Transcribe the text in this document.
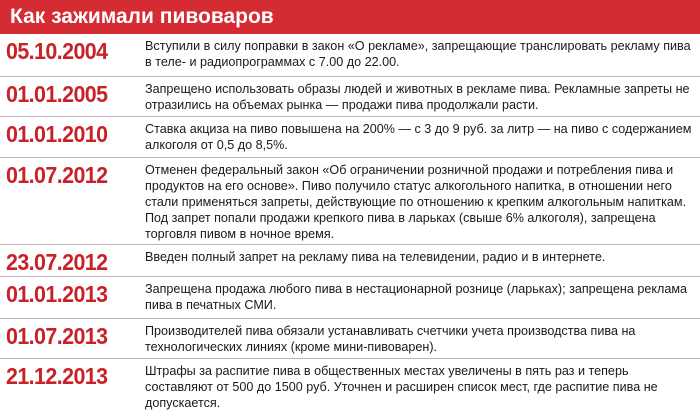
Как зажимали пивоваров
05.10.2004	Вступили в силу поправки в закон «О рекламе», запрещающие транслировать рекламу пива в теле- и радиопрограммах с 7.00 до 22.00.
01.01.2005	Запрещено использовать образы людей и животных в рекламе пива. Рекламные запреты не отразились на объемах рынка — продажи пива продолжали расти.
01.01.2010	Ставка акциза на пиво повышена на 200% — с 3 до 9 руб. за литр — на пиво с содержанием алкоголя от 0,5 до 8,5%.
01.07.2012	Отменен федеральный закон «Об ограничении розничной продажи и потребления пива и продуктов на его основе». Пиво получило статус алкогольного напитка, в отношении него стали применяться запреты, действующие по отношению к крепким алкогольным напиткам. Под запрет попали продажи крепкого пива в ларьках (свыше 6% алкоголя), запрещена торговля пивом в ночное время.
23.07.2012	Введен полный запрет на рекламу пива на телевидении, радио и в интернете.
01.01.2013	Запрещена продажа любого пива в нестационарной рознице (ларьках); запрещена реклама пива в печатных СМИ.
01.07.2013	Производителей пива обязали устанавливать счетчики учета производства пива на технологических линиях (кроме мини-пивоварен).
21.12.2013	Штрафы за распитие пива в общественных местах увеличены в пять раз и теперь составляют от 500 до 1500 руб. Уточнен и расширен список мест, где распитие пива не допускается.
